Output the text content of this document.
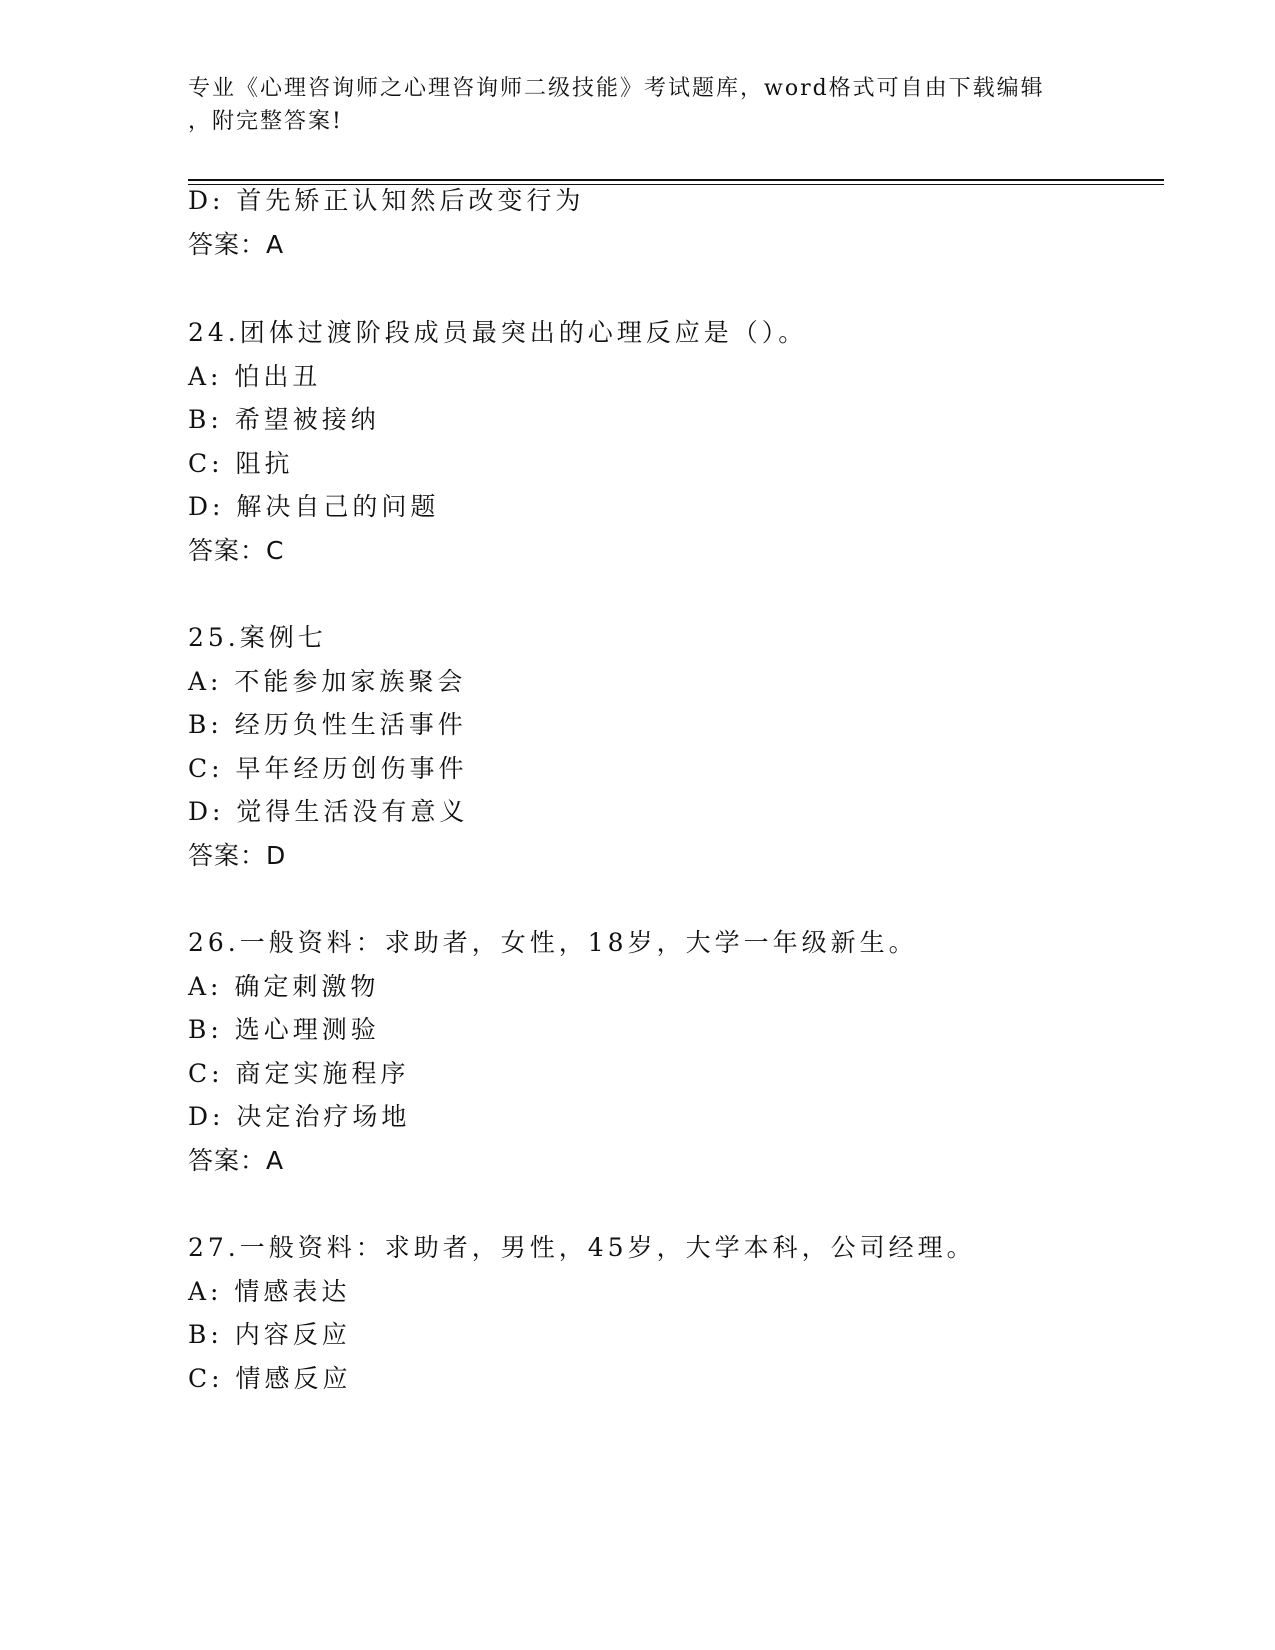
专业《心理咨询师之心理咨询师二级技能》考试题库，word格式可自由下载编辑
，附完整答案!
D: 首先矫正认知然后改变行为
答案：A
24.团体过渡阶段成员最突出的心理反应是（）。
A: 怕出丑
B: 希望被接纳
C: 阻抗
D: 解决自己的问题
答案：C
25.案例七
A: 不能参加家族聚会
B: 经历负性生活事件
C: 早年经历创伤事件
D: 觉得生活没有意义
答案：D
26.一般资料：求助者，女性，18岁，大学一年级新生。
A: 确定刺激物
B: 选心理测验
C: 商定实施程序
D: 决定治疗场地
答案：A
27.一般资料：求助者，男性，45岁，大学本科，公司经理。
A: 情感表达
B: 内容反应
C: 情感反应
